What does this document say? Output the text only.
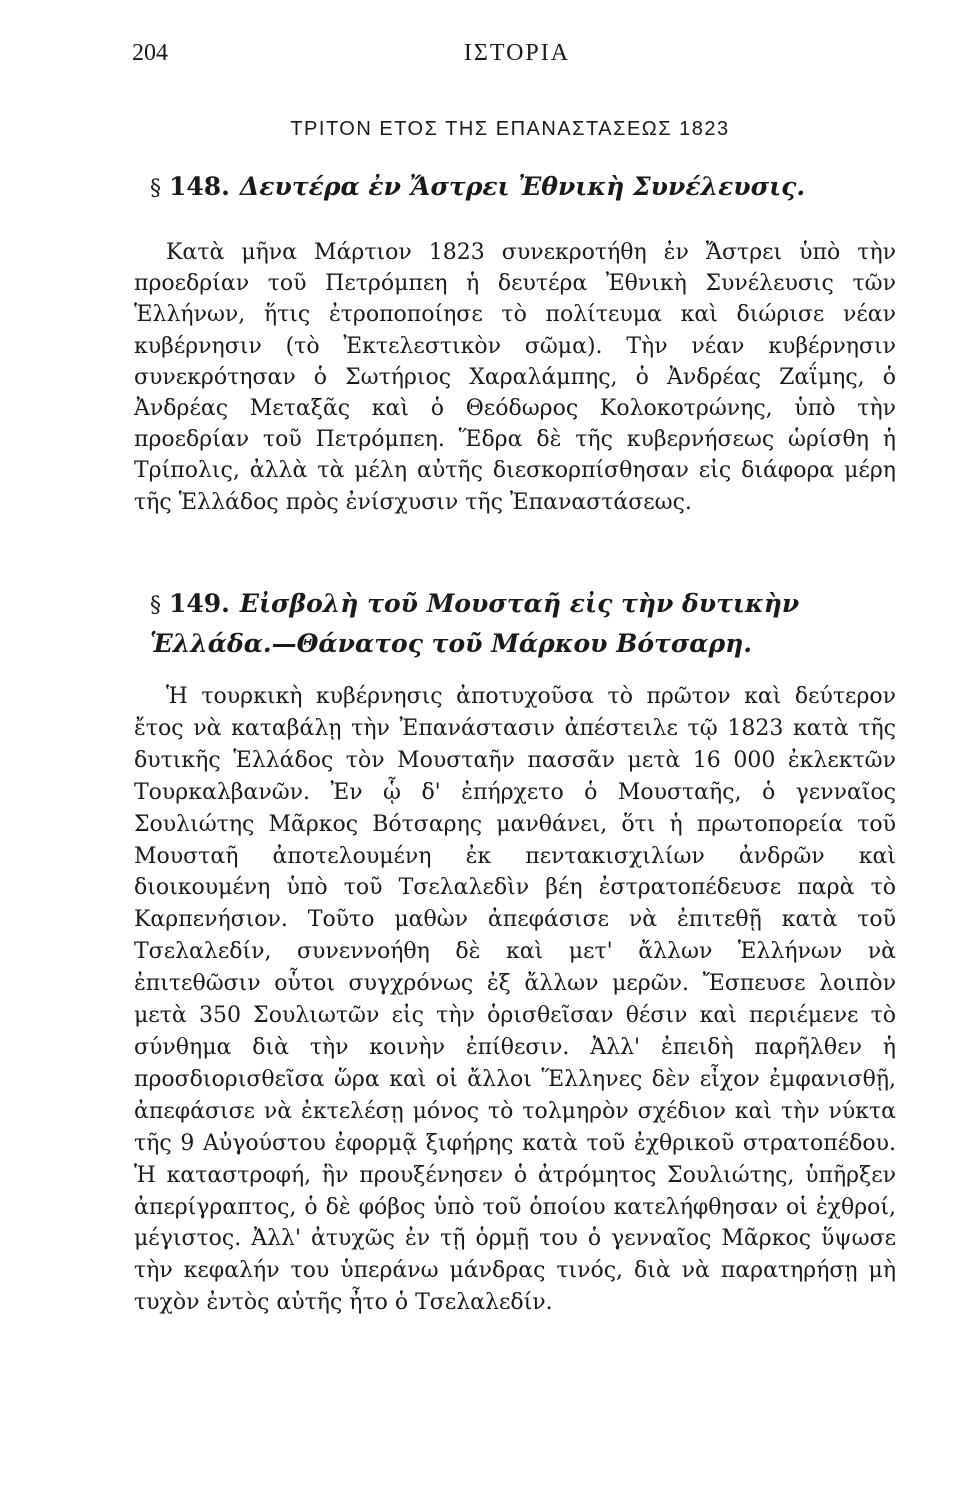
204	ΙΣΤΟΡΙΑ
ΤΡΙΤΟΝ ΕΤΟΣ ΤΗΣ ΕΠΑΝΑΣΤΑΣΕΩΣ 1823
§ 148. Δευτέρα ἐν Ἄστρει Ἐθνικὴ Συνέλευσις.

Κατὰ μῆνα Μάρτιον 1823 συνεκροτήθη ἐν Ἄστρει ὑπὸ τὴν προεδρίαν τοῦ Πετρόμπεη ἡ δευτέρα Ἐθνικὴ Συνέλευσις τῶν Ἑλλήνων, ἥτις ἐτροποποίησε τὸ πολίτευμα καὶ διώρισε νέαν κυβέρνησιν (τὸ Ἐκτελεστικὸν σῶμα). Τὴν νέαν κυβέρνησιν συνεκρότησαν ὁ Σωτήριος Χαραλάμπης, ὁ Ἀνδρέας Ζαΐμης, ὁ Ἀνδρέας Μεταξᾶς καὶ ὁ Θεόδωρος Κολοκοτρώνης, ὑπὸ τὴν προεδρίαν τοῦ Πετρόμπεη. Ἕδρα δὲ τῆς κυβερνήσεως ὡρίσθη ἡ Τρίπολις, ἀλλὰ τὰ μέλη αὐτῆς διεσκορπίσθησαν εἰς διάφορα μέρη τῆς Ἑλλάδος πρὸς ἐνίσχυσιν τῆς Ἐπαναστάσεως.

§ 149. Εἰσβολὴ τοῦ Μουσταῆ εἰς τὴν δυτικὴν Ἑλλάδα.—Θάνατος τοῦ Μάρκου Βότσαρη.

Ἡ τουρκικὴ κυβέρνησις ἀποτυχοῦσα τὸ πρῶτον καὶ δεύτερον ἔτος νὰ καταβάλῃ τὴν Ἐπανάστασιν ἀπέστειλε τῷ 1823 κατὰ τῆς δυτικῆς Ἑλλάδος τὸν Μουσταῆν πασσᾶν μετὰ 16 000 ἐκλεκτῶν Τουρκαλβανῶν. Ἐν ᾧ δ' ἐπήρχετο ὁ Μουσταῆς, ὁ γενναῖος Σουλιώτης Μᾶρκος Βότσαρης μανθάνει, ὅτι ἡ πρωτοπορεία τοῦ Μουσταῆ ἀποτελουμένη ἐκ πεντακισχιλίων ἀνδρῶν καὶ διοικουμένη ὑπὸ τοῦ Τσελαλεδὶν βέη ἐστρατοπέδευσε παρὰ τὸ Καρπενήσιον. Τοῦτο μαθὼν ἀπεφάσισε νὰ ἐπιτεθῇ κατὰ τοῦ Τσελαλεδίν, συνεννοήθη δὲ καὶ μετ' ἄλλων Ἑλλήνων νὰ ἐπιτεθῶσιν οὗτοι συγχρόνως ἐξ ἄλλων μερῶν. Ἔσπευσε λοιπὸν μετὰ 350 Σουλιωτῶν εἰς τὴν ὁρισθεῖσαν θέσιν καὶ περιέμενε τὸ σύνθημα διὰ τὴν κοινὴν ἐπίθεσιν. Ἀλλ' ἐπειδὴ παρῆλθεν ἡ προσδιορισθεῖσα ὥρα καὶ οἱ ἄλλοι Ἕλληνες δὲν εἶχον ἐμφανισθῇ, ἀπεφάσισε νὰ ἐκτελέσῃ μόνος τὸ τολμηρὸν σχέδιον καὶ τὴν νύκτα τῆς 9 Αὐγούστου ἐφορμᾷ ξιφήρης κατὰ τοῦ ἐχθρικοῦ στρατοπέδου. Ἡ καταστροφή, ἣν προυξένησεν ὁ ἀτρόμητος Σουλιώτης, ὑπῆρξεν ἀπερίγραπτος, ὁ δὲ φόβος ὑπὸ τοῦ ὁποίου κατελήφθησαν οἱ ἐχθροί, μέγιστος. Ἀλλ' ἀτυχῶς ἐν τῇ ὁρμῇ του ὁ γενναῖος Μᾶρκος ὕψωσε τὴν κεφαλήν του ὑπεράνω μάνδρας τινός, διὰ νὰ παρατηρήσῃ μὴ τυχὸν ἐντὸς αὐτῆς ἦτο ὁ Τσελαλεδίν.
